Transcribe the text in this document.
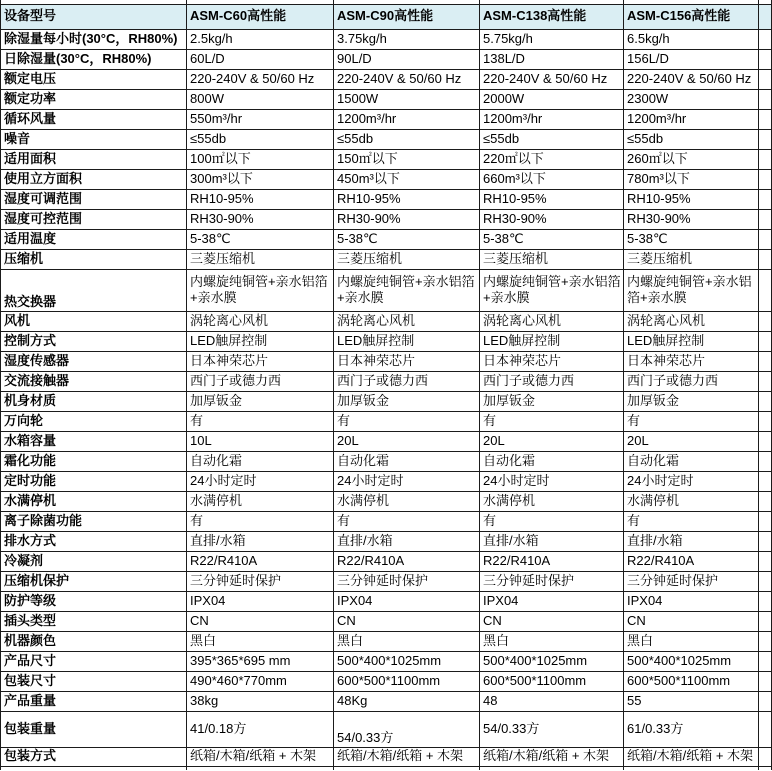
设备型号	ASM-C60高性能	ASM-C90高性能	ASM-C138高性能	ASM-C156高性能	
除湿量每小时(30°C，RH80%)	2.5kg/h	3.75kg/h	5.75kg/h	6.5kg/h	
日除湿量(30°C，RH80%)	60L/D	90L/D	138L/D	156L/D	
额定电压	220-240V & 50/60 Hz	220-240V & 50/60 Hz	220-240V & 50/60 Hz	220-240V & 50/60 Hz	
额定功率	800W	1500W	2000W	2300W	
循环风量	550m³/hr	1200m³/hr	1200m³/hr	1200m³/hr	
噪音	≤55db	≤55db	≤55db	≤55db	
适用面积	100㎡以下	150㎡以下	220㎡以下	260㎡以下	
使用立方面积	300m³以下	450m³以下	660m³以下	780m³以下	
湿度可调范围	RH10-95%	RH10-95%	RH10-95%	RH10-95%	
湿度可控范围	RH30-90%	RH30-90%	RH30-90%	RH30-90%	
适用温度	5-38℃	5-38℃	5-38℃	5-38℃	
压缩机	三菱压缩机	三菱压缩机	三菱压缩机	三菱压缩机	
热交换器	内螺旋纯铜管+亲水铝箔+亲水膜	内螺旋纯铜管+亲水铝箔+亲水膜	内螺旋纯铜管+亲水铝箔+亲水膜	内螺旋纯铜管+亲水铝箔+亲水膜	
风机	涡轮离心风机	涡轮离心风机	涡轮离心风机	涡轮离心风机	
控制方式	LED触屏控制	LED触屏控制	LED触屏控制	LED触屏控制	
湿度传感器	日本神荣芯片	日本神荣芯片	日本神荣芯片	日本神荣芯片	
交流接触器	西门子或德力西	西门子或德力西	西门子或德力西	西门子或德力西	
机身材质	加厚钣金	加厚钣金	加厚钣金	加厚钣金	
万向轮	有	有	有	有	
水箱容量	10L	20L	20L	20L	
霜化功能	自动化霜	自动化霜	自动化霜	自动化霜	
定时功能	24小时定时	24小时定时	24小时定时	24小时定时	
水满停机	水满停机	水满停机	水满停机	水满停机	
离子除菌功能	有	有	有	有	
排水方式	直排/水箱	直排/水箱	直排/水箱	直排/水箱	
冷凝剂	R22/R410A	R22/R410A	R22/R410A	R22/R410A	
压缩机保护	三分钟延时保护	三分钟延时保护	三分钟延时保护	三分钟延时保护	
防护等级	IPX04	IPX04	IPX04	IPX04	
插头类型	CN	CN	CN	CN	
机器颜色	黑白	黑白	黑白	黑白	
产品尺寸	395*365*695 mm	500*400*1025mm	500*400*1025mm	500*400*1025mm	
包装尺寸	490*460*770mm	600*500*1100mm	600*500*1100mm	600*500*1100mm	
产品重量	38kg	48Kg	48	55	
包装重量	41/0.18方	54/0.33方	54/0.33方	61/0.33方	
包装方式	纸箱/木箱/纸箱 + 木架	纸箱/木箱/纸箱 + 木架	纸箱/木箱/纸箱 + 木架	纸箱/木箱/纸箱 + 木架	
